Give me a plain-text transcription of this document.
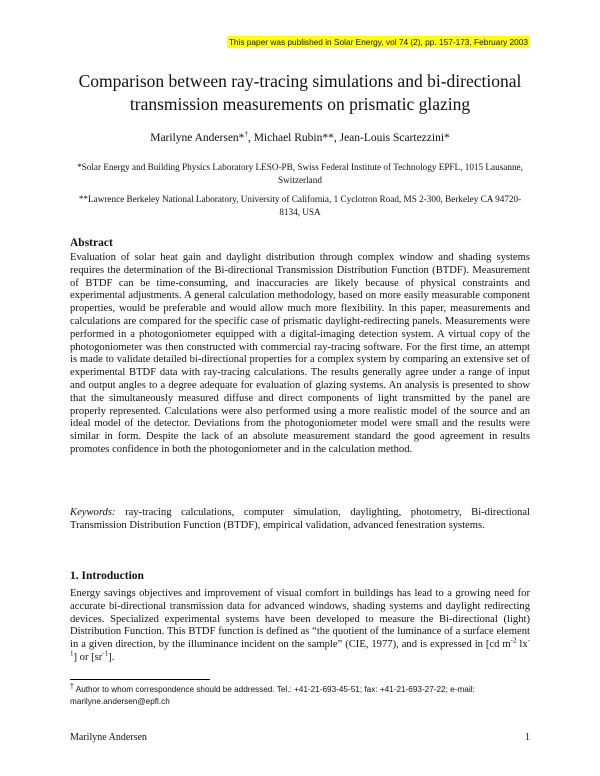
This paper was published in Solar Energy, vol 74 (2), pp. 157-173, February 2003
Comparison between ray-tracing simulations and bi-directional transmission measurements on prismatic glazing
Marilyne Andersen*†, Michael Rubin**, Jean-Louis Scartezzini*
*Solar Energy and Building Physics Laboratory LESO-PB, Swiss Federal Institute of Technology EPFL, 1015 Lausanne, Switzerland
**Lawrence Berkeley National Laboratory, University of California, 1 Cyclotron Road, MS 2-300, Berkeley CA 94720-8134, USA
Abstract

Evaluation of solar heat gain and daylight distribution through complex window and shading systems requires the determination of the Bi-directional Transmission Distribution Function (BTDF). Measurement of BTDF can be time-consuming, and inaccuracies are likely because of physical constraints and experimental adjustments. A general calculation methodology, based on more easily measurable component properties, would be preferable and would allow much more flexibility. In this paper, measurements and calculations are compared for the specific case of prismatic daylight-redirecting panels. Measurements were performed in a photogoniometer equipped with a digital-imaging detection system. A virtual copy of the photogoniometer was then constructed with commercial ray-tracing software. For the first time, an attempt is made to validate detailed bi-directional properties for a complex system by comparing an extensive set of experimental BTDF data with ray-tracing calculations. The results generally agree under a range of input and output angles to a degree adequate for evaluation of glazing systems. An analysis is presented to show that the simultaneously measured diffuse and direct components of light transmitted by the panel are properly represented. Calculations were also performed using a more realistic model of the source and an ideal model of the detector. Deviations from the photogoniometer model were small and the results were similar in form. Despite the lack of an absolute measurement standard the good agreement in results promotes confidence in both the photogoniometer and in the calculation method.

Keywords: ray-tracing calculations, computer simulation, daylighting, photometry, Bi-directional Transmission Distribution Function (BTDF), empirical validation, advanced fenestration systems.

1. Introduction

Energy savings objectives and improvement of visual comfort in buildings has lead to a growing need for accurate bi-directional transmission data for advanced windows, shading systems and daylight redirecting devices. Specialized experimental systems have been developed to measure the Bi-directional (light) Distribution Function. This BTDF function is defined as “the quotient of the luminance of a surface element in a given direction, by the illuminance incident on the sample” (CIE, 1977), and is expressed in [cd $m^{-2}$ $lx^{-1}$] or $[sr^{-1}]$.

† Author to whom correspondence should be addressed. Tel.: +41-21-693-45-51; fax: +41-21-693-27-22; e-mail: marilyne.andersen@epfl.ch
Marilyne Andersen	1
